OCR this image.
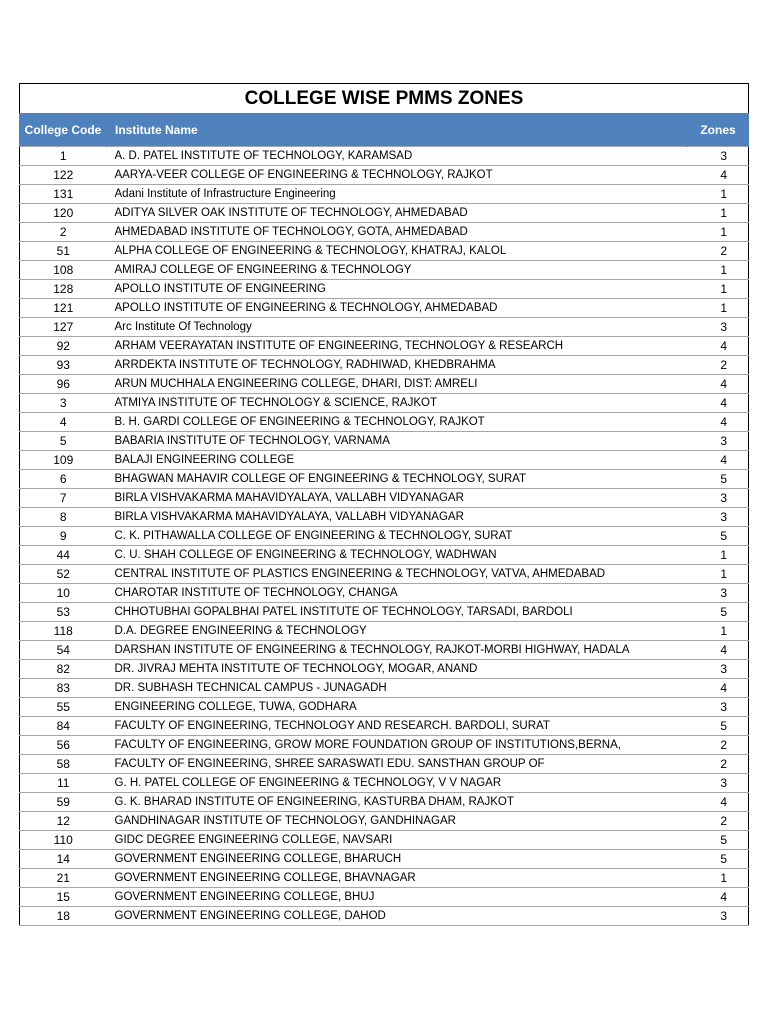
COLLEGE WISE PMMS ZONES
College Code	Institute Name	Zones
1	A. D. PATEL INSTITUTE OF TECHNOLOGY, KARAMSAD	3
122	AARYA-VEER COLLEGE OF ENGINEERING & TECHNOLOGY, RAJKOT	4
131	Adani Institute of Infrastructure Engineering	1
120	ADITYA SILVER OAK INSTITUTE OF TECHNOLOGY, AHMEDABAD	1
2	AHMEDABAD INSTITUTE OF TECHNOLOGY, GOTA, AHMEDABAD	1
51	ALPHA COLLEGE OF ENGINEERING & TECHNOLOGY, KHATRAJ, KALOL	2
108	AMIRAJ COLLEGE OF ENGINEERING & TECHNOLOGY	1
128	APOLLO INSTITUTE OF ENGINEERING	1
121	APOLLO INSTITUTE OF ENGINEERING & TECHNOLOGY, AHMEDABAD	1
127	Arc Institute Of Technology	3
92	ARHAM VEERAYATAN INSTITUTE OF ENGINEERING, TECHNOLOGY & RESEARCH	4
93	ARRDEKTA INSTITUTE OF TECHNOLOGY, RADHIWAD, KHEDBRAHMA	2
96	ARUN MUCHHALA ENGINEERING COLLEGE, DHARI, DIST: AMRELI	4
3	ATMIYA INSTITUTE OF TECHNOLOGY & SCIENCE, RAJKOT	4
4	B. H. GARDI COLLEGE OF ENGINEERING & TECHNOLOGY, RAJKOT	4
5	BABARIA INSTITUTE OF TECHNOLOGY, VARNAMA	3
109	BALAJI ENGINEERING COLLEGE	4
6	BHAGWAN MAHAVIR COLLEGE OF ENGINEERING & TECHNOLOGY, SURAT	5
7	BIRLA VISHVAKARMA MAHAVIDYALAYA, VALLABH VIDYANAGAR	3
8	BIRLA VISHVAKARMA MAHAVIDYALAYA, VALLABH VIDYANAGAR	3
9	C. K. PITHAWALLA COLLEGE OF ENGINEERING & TECHNOLOGY, SURAT	5
44	C. U. SHAH COLLEGE OF ENGINEERING & TECHNOLOGY, WADHWAN	1
52	CENTRAL INSTITUTE OF PLASTICS ENGINEERING & TECHNOLOGY, VATVA, AHMEDABAD	1
10	CHAROTAR INSTITUTE OF TECHNOLOGY, CHANGA	3
53	CHHOTUBHAI GOPALBHAI PATEL INSTITUTE OF TECHNOLOGY, TARSADI, BARDOLI	5
118	D.A. DEGREE ENGINEERING & TECHNOLOGY	1
54	DARSHAN INSTITUTE OF ENGINEERING & TECHNOLOGY, RAJKOT-MORBI HIGHWAY, HADALA	4
82	DR. JIVRAJ MEHTA INSTITUTE OF TECHNOLOGY, MOGAR, ANAND	3
83	DR. SUBHASH TECHNICAL CAMPUS - JUNAGADH	4
55	ENGINEERING COLLEGE, TUWA, GODHARA	3
84	FACULTY OF ENGINEERING, TECHNOLOGY AND RESEARCH. BARDOLI, SURAT	5
56	FACULTY OF ENGINEERING, GROW MORE FOUNDATION GROUP OF INSTITUTIONS,BERNA,	2
58	FACULTY OF ENGINEERING, SHREE SARASWATI EDU. SANSTHAN GROUP OF	2
11	G. H. PATEL COLLEGE OF ENGINEERING & TECHNOLOGY, V V NAGAR	3
59	G. K. BHARAD INSTITUTE OF ENGINEERING, KASTURBA DHAM, RAJKOT	4
12	GANDHINAGAR INSTITUTE OF TECHNOLOGY, GANDHINAGAR	2
110	GIDC DEGREE ENGINEERING COLLEGE, NAVSARI	5
14	GOVERNMENT ENGINEERING COLLEGE, BHARUCH	5
21	GOVERNMENT ENGINEERING COLLEGE, BHAVNAGAR	1
15	GOVERNMENT ENGINEERING COLLEGE, BHUJ	4
18	GOVERNMENT ENGINEERING COLLEGE, DAHOD	3
